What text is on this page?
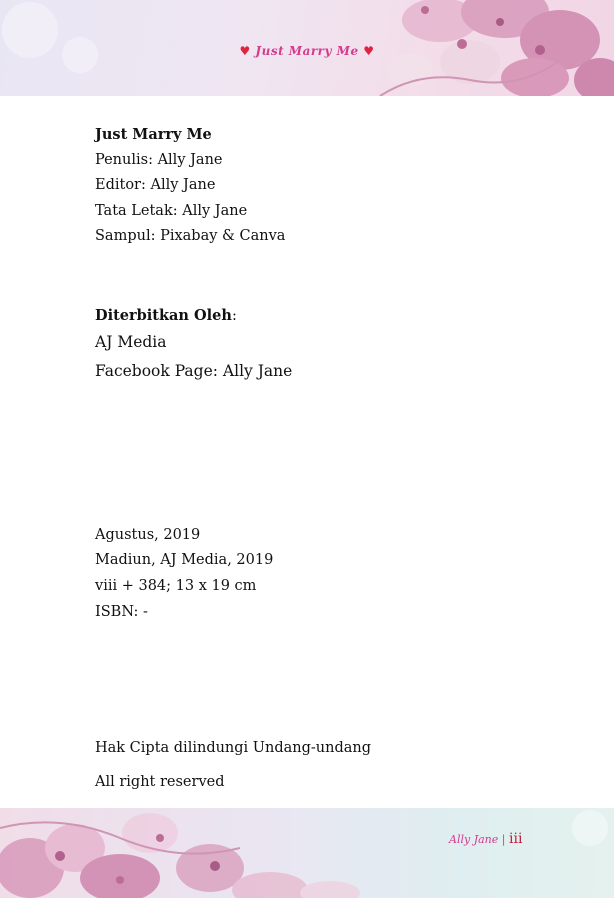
♥ Just Marry Me ♥
Just Marry Me
Penulis: Ally Jane
Editor: Ally Jane
Tata Letak: Ally Jane
Sampul: Pixabay & Canva
Diterbitkan Oleh:
AJ Media
Facebook Page: Ally Jane
Agustus, 2019
Madiun, AJ Media, 2019
viii + 384; 13 x 19 cm
ISBN: -
Hak Cipta dilindungi Undang-undang
All right reserved
Ally Jane | iii
